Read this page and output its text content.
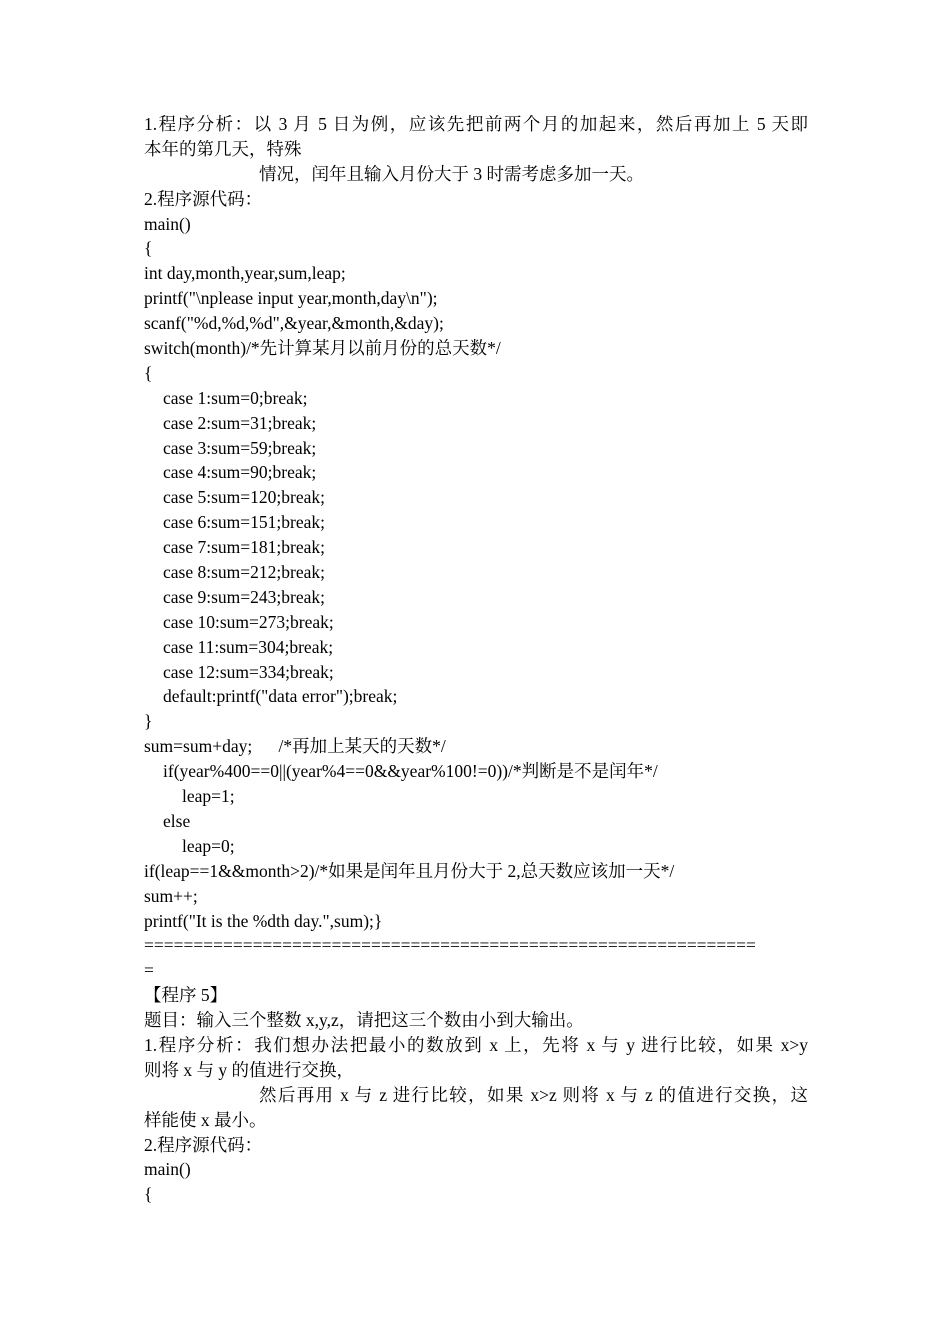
1.程序分析：以 3 月 5 日为例，应该先把前两个月的加起来，然后再加上 5 天即
本年的第几天，特殊
情况，闰年且输入月份大于 3 时需考虑多加一天。
2.程序源代码：
main()
{
int day,month,year,sum,leap;
printf("\nplease input year,month,day\n");
scanf("%d,%d,%d",&year,&month,&day);
switch(month)/*先计算某月以前月份的总天数*/
{
case 1:sum=0;break;
case 2:sum=31;break;
case 3:sum=59;break;
case 4:sum=90;break;
case 5:sum=120;break;
case 6:sum=151;break;
case 7:sum=181;break;
case 8:sum=212;break;
case 9:sum=243;break;
case 10:sum=273;break;
case 11:sum=304;break;
case 12:sum=334;break;
default:printf("data error");break;
}
sum=sum+day;      /*再加上某天的天数*/
if(year%400==0||(year%4==0&&year%100!=0))/*判断是不是闰年*/
leap=1;
else
leap=0;
if(leap==1&&month>2)/*如果是闰年且月份大于 2,总天数应该加一天*/
sum++;
printf("It is the %dth day.",sum);}
==============================================================
=
【程序 5】
题目：输入三个整数 x,y,z，请把这三个数由小到大输出。
1.程序分析：我们想办法把最小的数放到 x 上，先将 x 与 y 进行比较，如果 x>y
则将 x 与 y 的值进行交换，
然后再用 x 与 z 进行比较，如果 x>z 则将 x 与 z 的值进行交换，这
样能使 x 最小。
2.程序源代码：
main()
{
